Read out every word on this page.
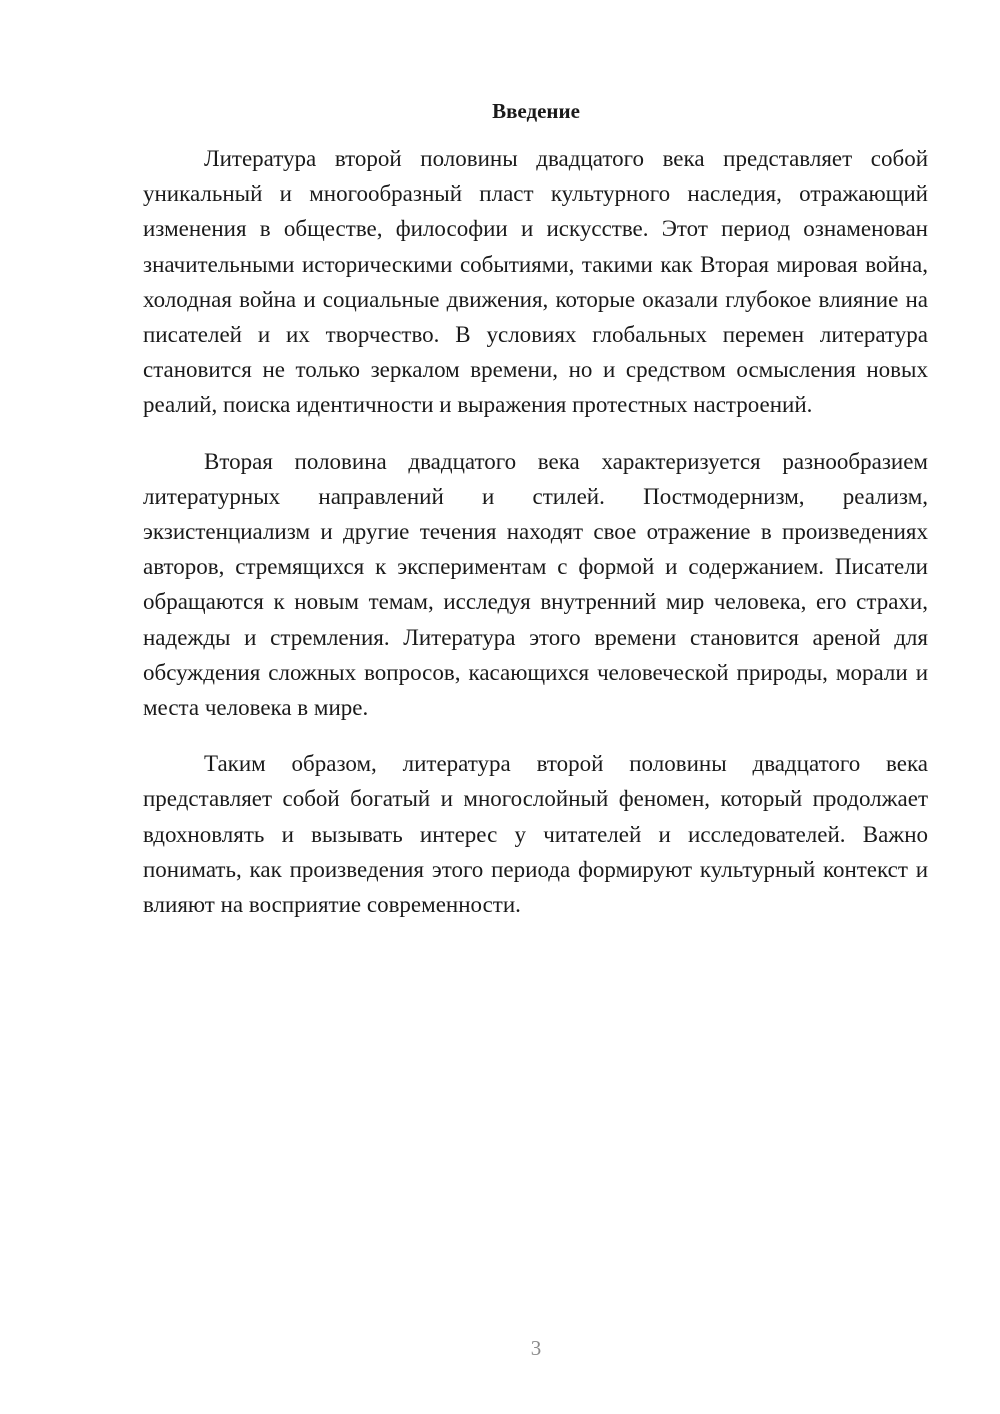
Введение

Литература второй половины двадцатого века представляет собой уникальный и многообразный пласт культурного наследия, отражающий изменения в обществе, философии и искусстве. Этот период ознаменован значительными историческими событиями, такими как Вторая мировая война, холодная война и социальные движения, которые оказали глубокое влияние на писателей и их творчество. В условиях глобальных перемен литература становится не только зеркалом времени, но и средством осмысления новых реалий, поиска идентичности и выражения протестных настроений.

Вторая половина двадцатого века характеризуется разнообразием литературных направлений и стилей. Постмодернизм, реализм, экзистенциализм и другие течения находят свое отражение в произведениях авторов, стремящихся к экспериментам с формой и содержанием. Писатели обращаются к новым темам, исследуя внутренний мир человека, его страхи, надежды и стремления. Литература этого времени становится ареной для обсуждения сложных вопросов, касающихся человеческой природы, морали и места человека в мире.

Таким образом, литература второй половины двадцатого века представляет собой богатый и многослойный феномен, который продолжает вдохновлять и вызывать интерес у читателей и исследователей. Важно понимать, как произведения этого периода формируют культурный контекст и влияют на восприятие современности.

3
